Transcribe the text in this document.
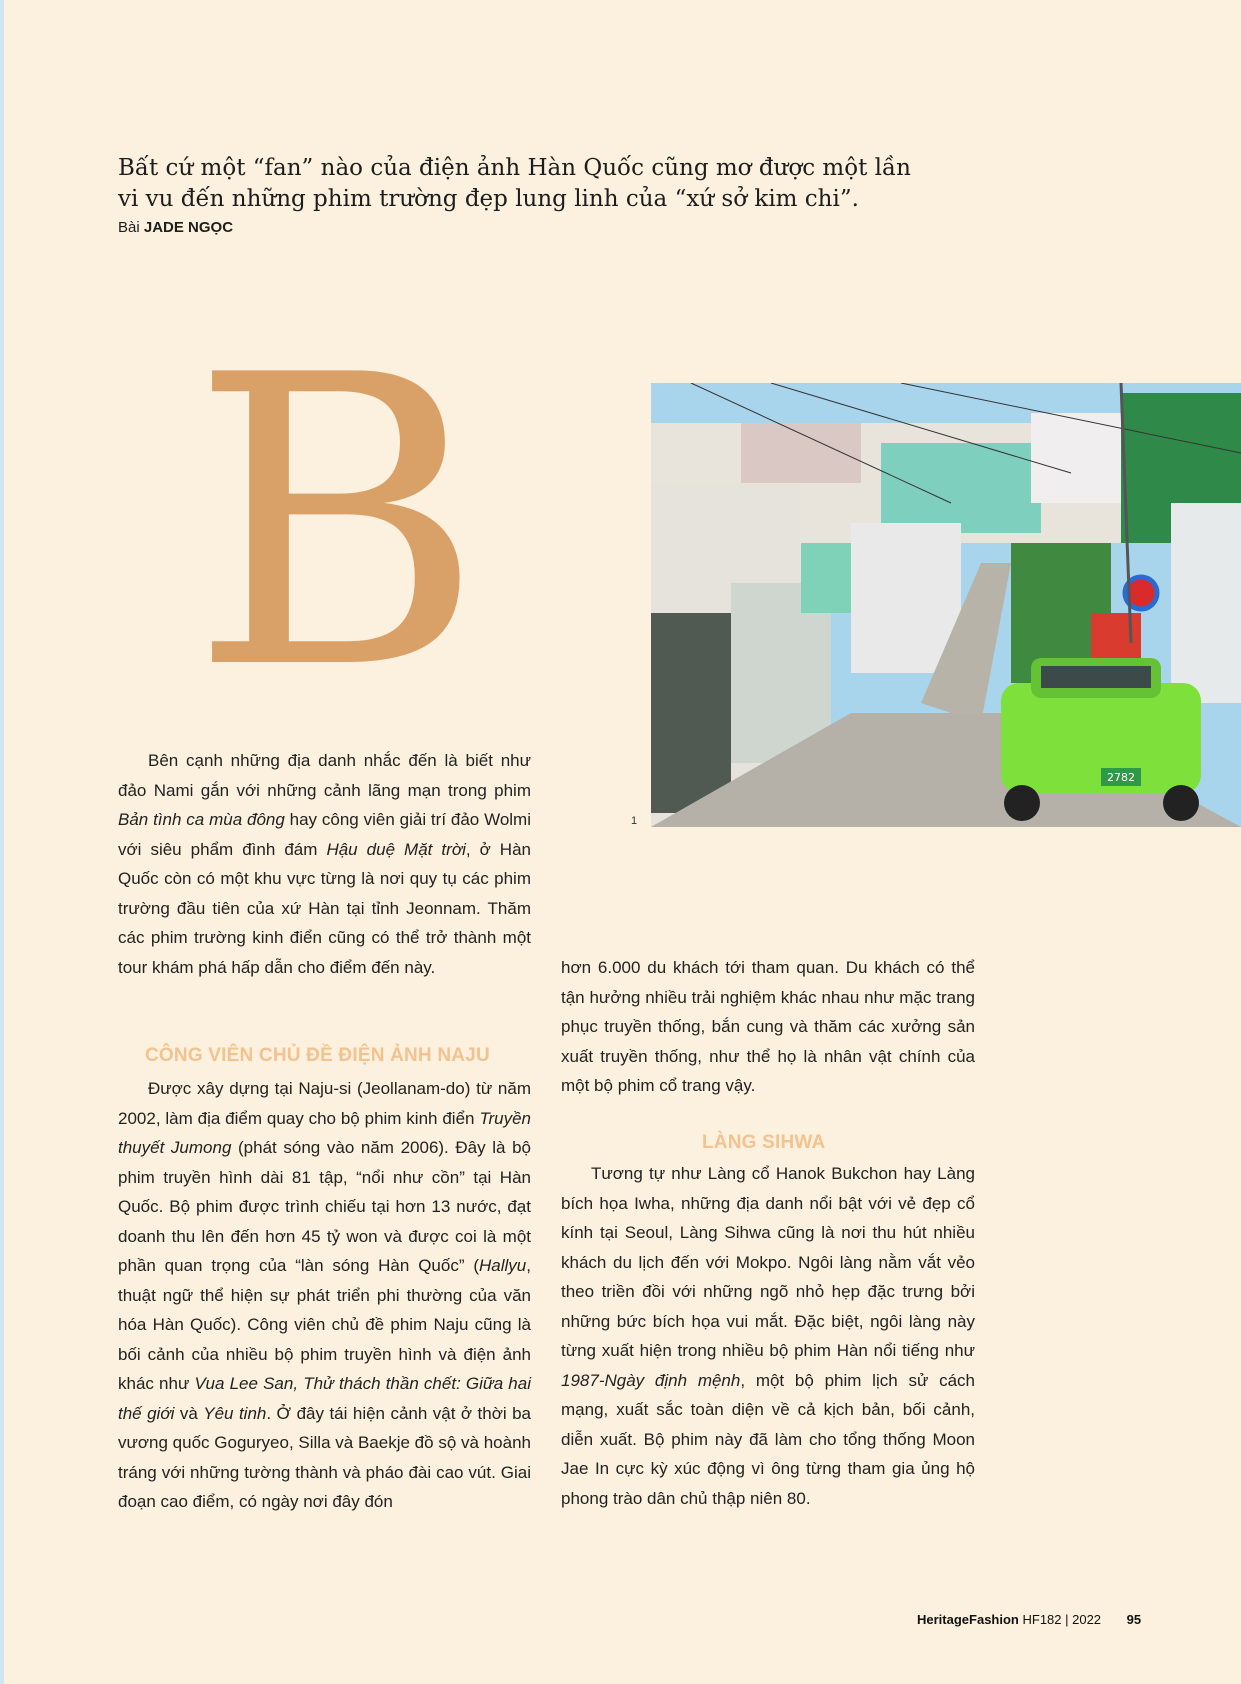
Bất cứ một “fan” nào của điện ảnh Hàn Quốc cũng mơ được một lần
vi vu đến những phim trường đẹp lung linh của “xứ sở kim chi”.
Bài JADE NGỌC
B
2782
1

Bên cạnh những địa danh nhắc đến là biết như đảo Nami gắn với những cảnh lãng mạn trong phim Bản tình ca mùa đông hay công viên giải trí đảo Wolmi với siêu phẩm đình đám Hậu duệ Mặt trời, ở Hàn Quốc còn có một khu vực từng là nơi quy tụ các phim trường đầu tiên của xứ Hàn tại tỉnh Jeonnam. Thăm các phim trường kinh điển cũng có thể trở thành một tour khám phá hấp dẫn cho điểm đến này.

CÔNG VIÊN CHỦ ĐỀ ĐIỆN ẢNH NAJU

Được xây dựng tại Naju-si (Jeollanam-do) từ năm 2002, làm địa điểm quay cho bộ phim kinh điển Truyền thuyết Jumong (phát sóng vào năm 2006). Đây là bộ phim truyền hình dài 81 tập, “nổi như cồn” tại Hàn Quốc. Bộ phim được trình chiếu tại hơn 13 nước, đạt doanh thu lên đến hơn 45 tỷ won và được coi là một phần quan trọng của “làn sóng Hàn Quốc” (Hallyu, thuật ngữ thể hiện sự phát triển phi thường của văn hóa Hàn Quốc). Công viên chủ đề phim Naju cũng là bối cảnh của nhiều bộ phim truyền hình và điện ảnh khác như Vua Lee San, Thử thách thần chết: Giữa hai thế giới và Yêu tinh. Ở đây tái hiện cảnh vật ở thời ba vương quốc Goguryeo, Silla và Baekje đồ sộ và hoành tráng với những tường thành và pháo đài cao vút. Giai đoạn cao điểm, có ngày nơi đây đón

hơn 6.000 du khách tới tham quan. Du khách có thể tận hưởng nhiều trải nghiệm khác nhau như mặc trang phục truyền thống, bắn cung và thăm các xưởng sản xuất truyền thống, như thể họ là nhân vật chính của một bộ phim cổ trang vậy.

LÀNG SIHWA

Tương tự như Làng cổ Hanok Bukchon hay Làng bích họa Iwha, những địa danh nổi bật với vẻ đẹp cổ kính tại Seoul, Làng Sihwa cũng là nơi thu hút nhiều khách du lịch đến với Mokpo. Ngôi làng nằm vắt vẻo theo triền đồi với những ngõ nhỏ hẹp đặc trưng bởi những bức bích họa vui mắt. Đặc biệt, ngôi làng này từng xuất hiện trong nhiều bộ phim Hàn nổi tiếng như 1987-Ngày định mệnh, một bộ phim lịch sử cách mạng, xuất sắc toàn diện về cả kịch bản, bối cảnh, diễn xuất. Bộ phim này đã làm cho tổng thống Moon Jae In cực kỳ xúc động vì ông từng tham gia ủng hộ phong trào dân chủ thập niên 80.

HeritageFashion HF182 | 2022 95
